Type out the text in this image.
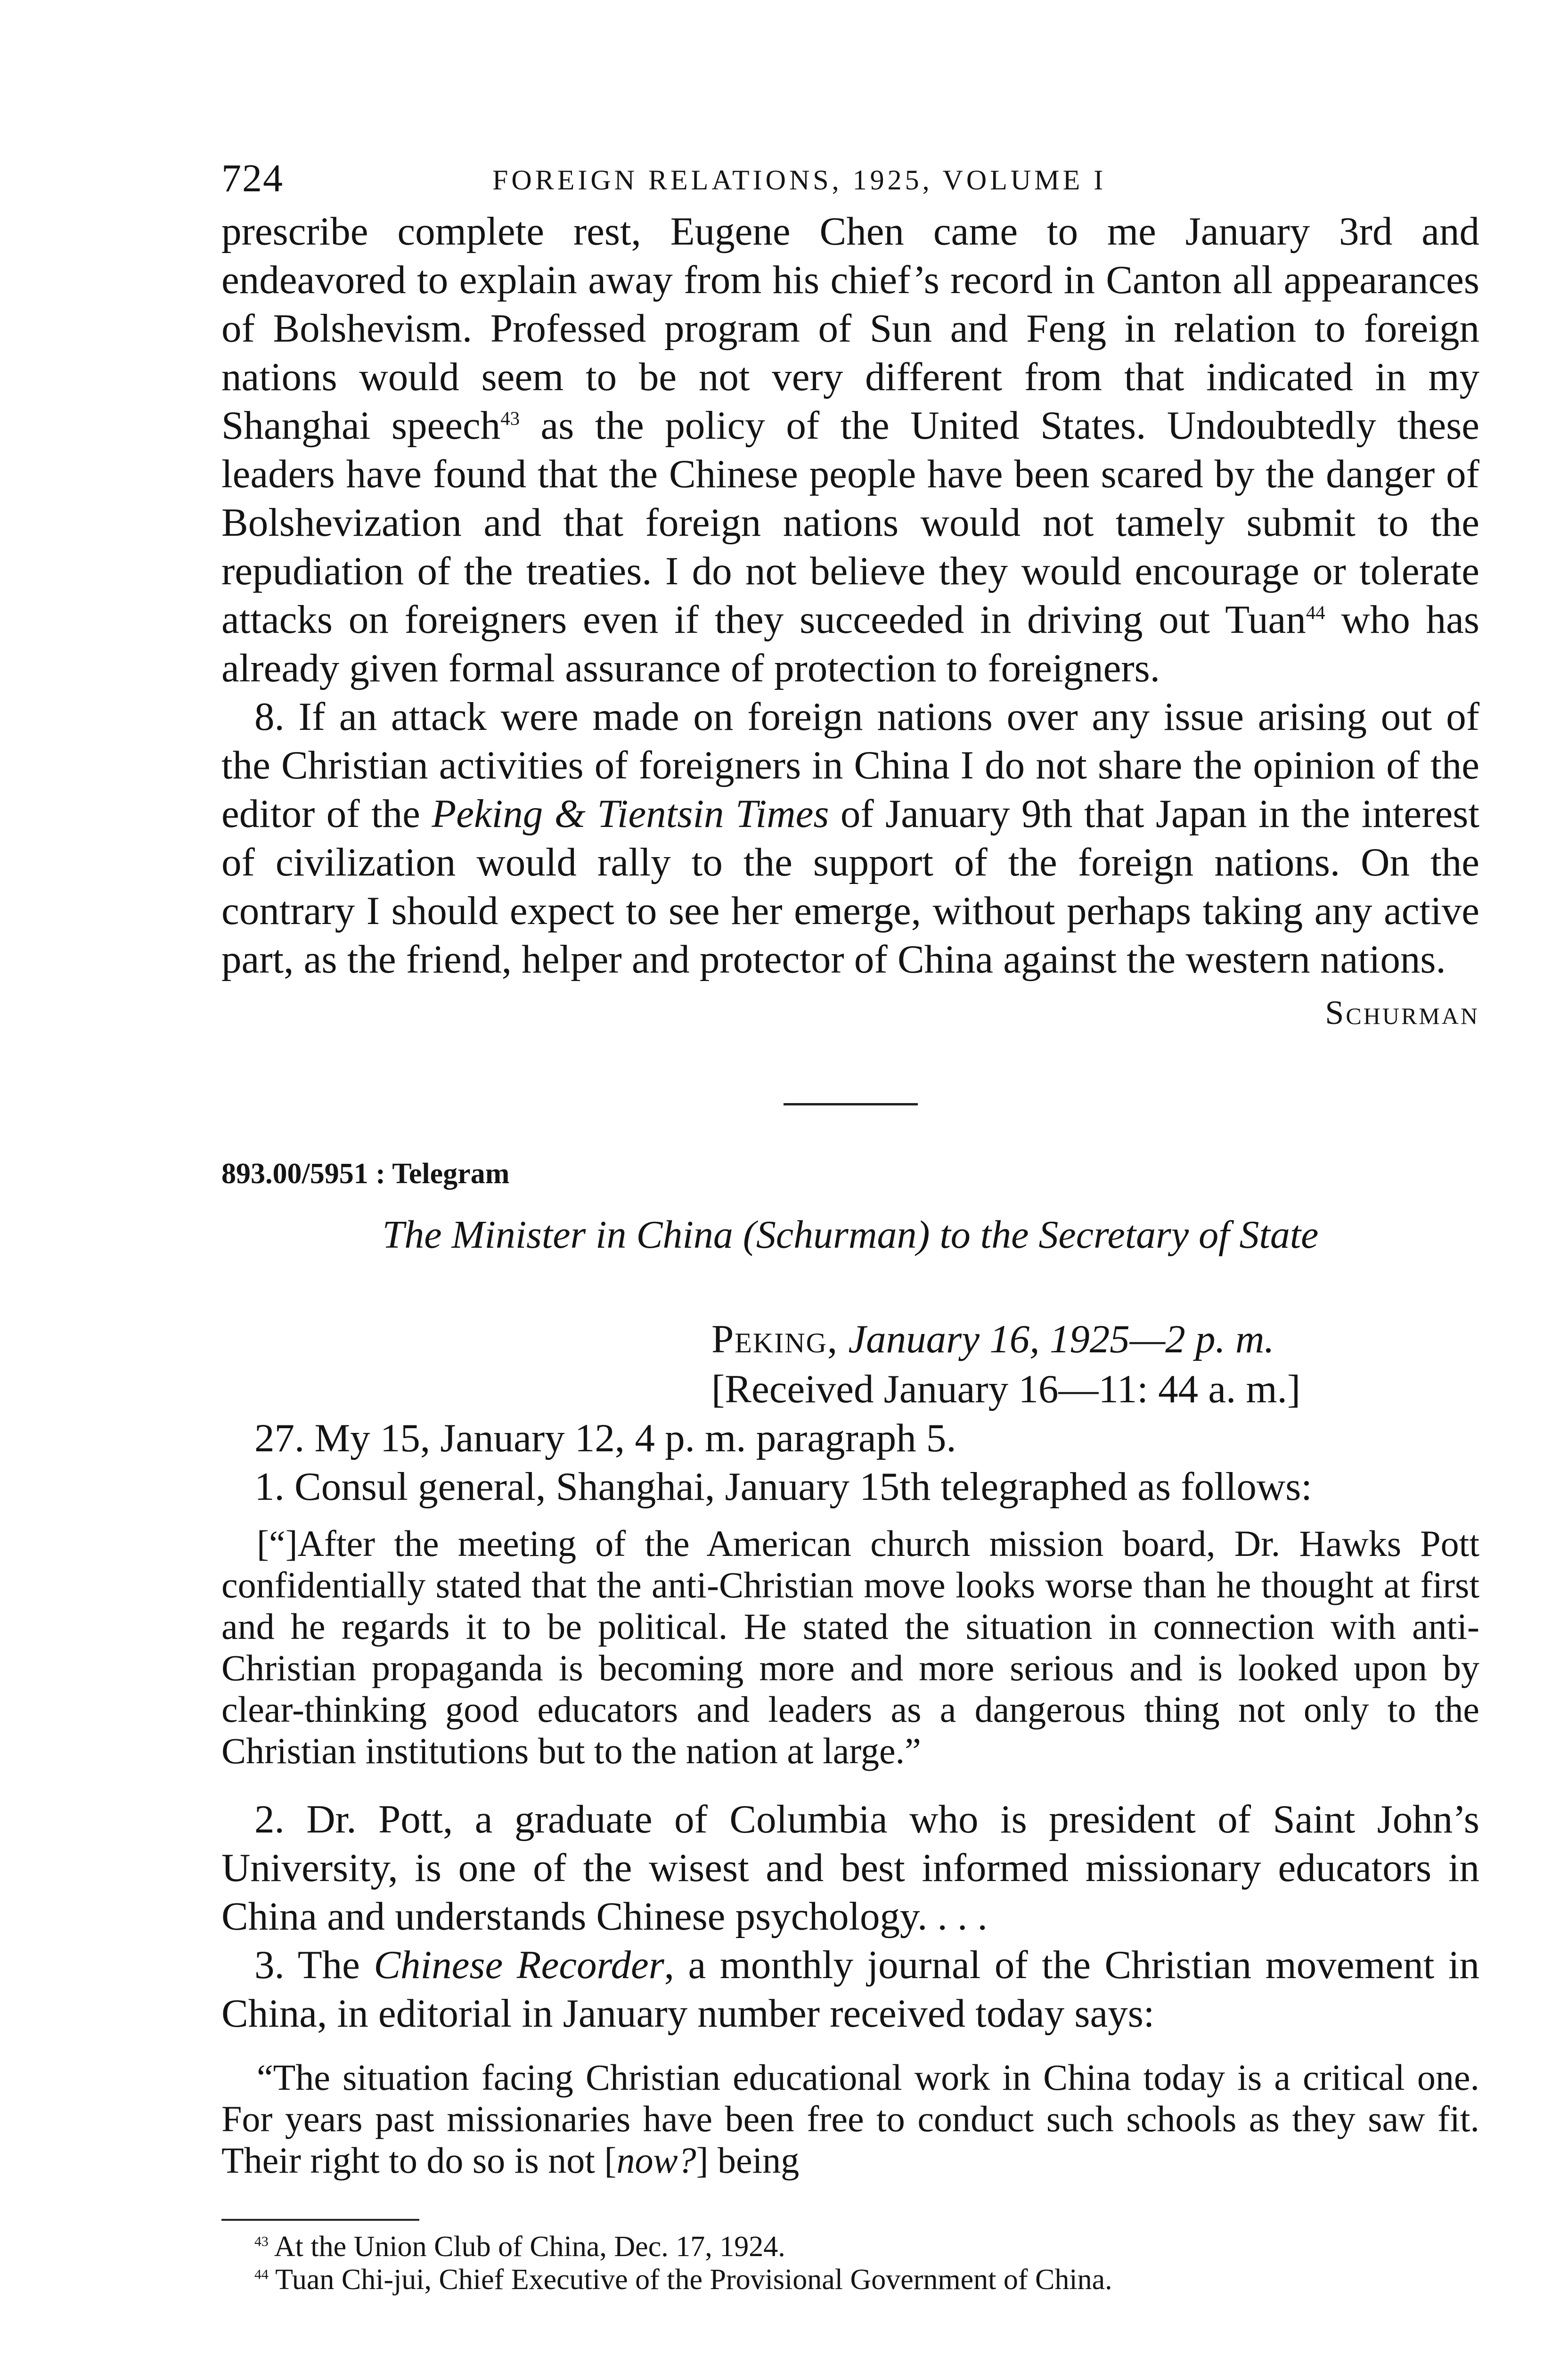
724	FOREIGN RELATIONS, 1925, VOLUME I

prescribe complete rest, Eugene Chen came to me January 3rd and endeavored to explain away from his chief’s record in Canton all appearances of Bolshevism. Professed program of Sun and Feng in relation to foreign nations would seem to be not very different from that indicated in my Shanghai speech$^{43}$ as the policy of the United States. Undoubtedly these leaders have found that the Chinese people have been scared by the danger of Bolshevization and that foreign nations would not tamely submit to the repudiation of the treaties. I do not believe they would encourage or tolerate attacks on foreigners even if they succeeded in driving out Tuan$^{44}$ who has already given formal assurance of protection to foreigners.

8. If an attack were made on foreign nations over any issue arising out of the Christian activities of foreigners in China I do not share the opinion of the editor of the Peking & Tientsin Times of January 9th that Japan in the interest of civilization would rally to the support of the foreign nations. On the contrary I should expect to see her emerge, without perhaps taking any active part, as the friend, helper and protector of China against the western nations.

Schurman
893.00/5951 : Telegram
The Minister in China (Schurman) to the Secretary of State
Peking, January 16, 1925—2 p. m.
[Received January 16—11: 44 a. m.]

27. My 15, January 12, 4 p. m. paragraph 5.

1. Consul general, Shanghai, January 15th telegraphed as follows:

[“]After the meeting of the American church mission board, Dr. Hawks Pott confidentially stated that the anti-Christian move looks worse than he thought at first and he regards it to be political. He stated the situation in connection with anti-Christian propaganda is becoming more and more serious and is looked upon by clear-thinking good educators and leaders as a dangerous thing not only to the Christian institutions but to the nation at large.”

2. Dr. Pott, a graduate of Columbia who is president of Saint John’s University, is one of the wisest and best informed missionary educators in China and understands Chinese psychology. . . .

3. The Chinese Recorder, a monthly journal of the Christian movement in China, in editorial in January number received today says:

“The situation facing Christian educational work in China today is a critical one. For years past missionaries have been free to conduct such schools as they saw fit. Their right to do so is not [now?] being

$^{43}$ At the Union Club of China, Dec. 17, 1924.

$^{44}$ Tuan Chi-jui, Chief Executive of the Provisional Government of China.
